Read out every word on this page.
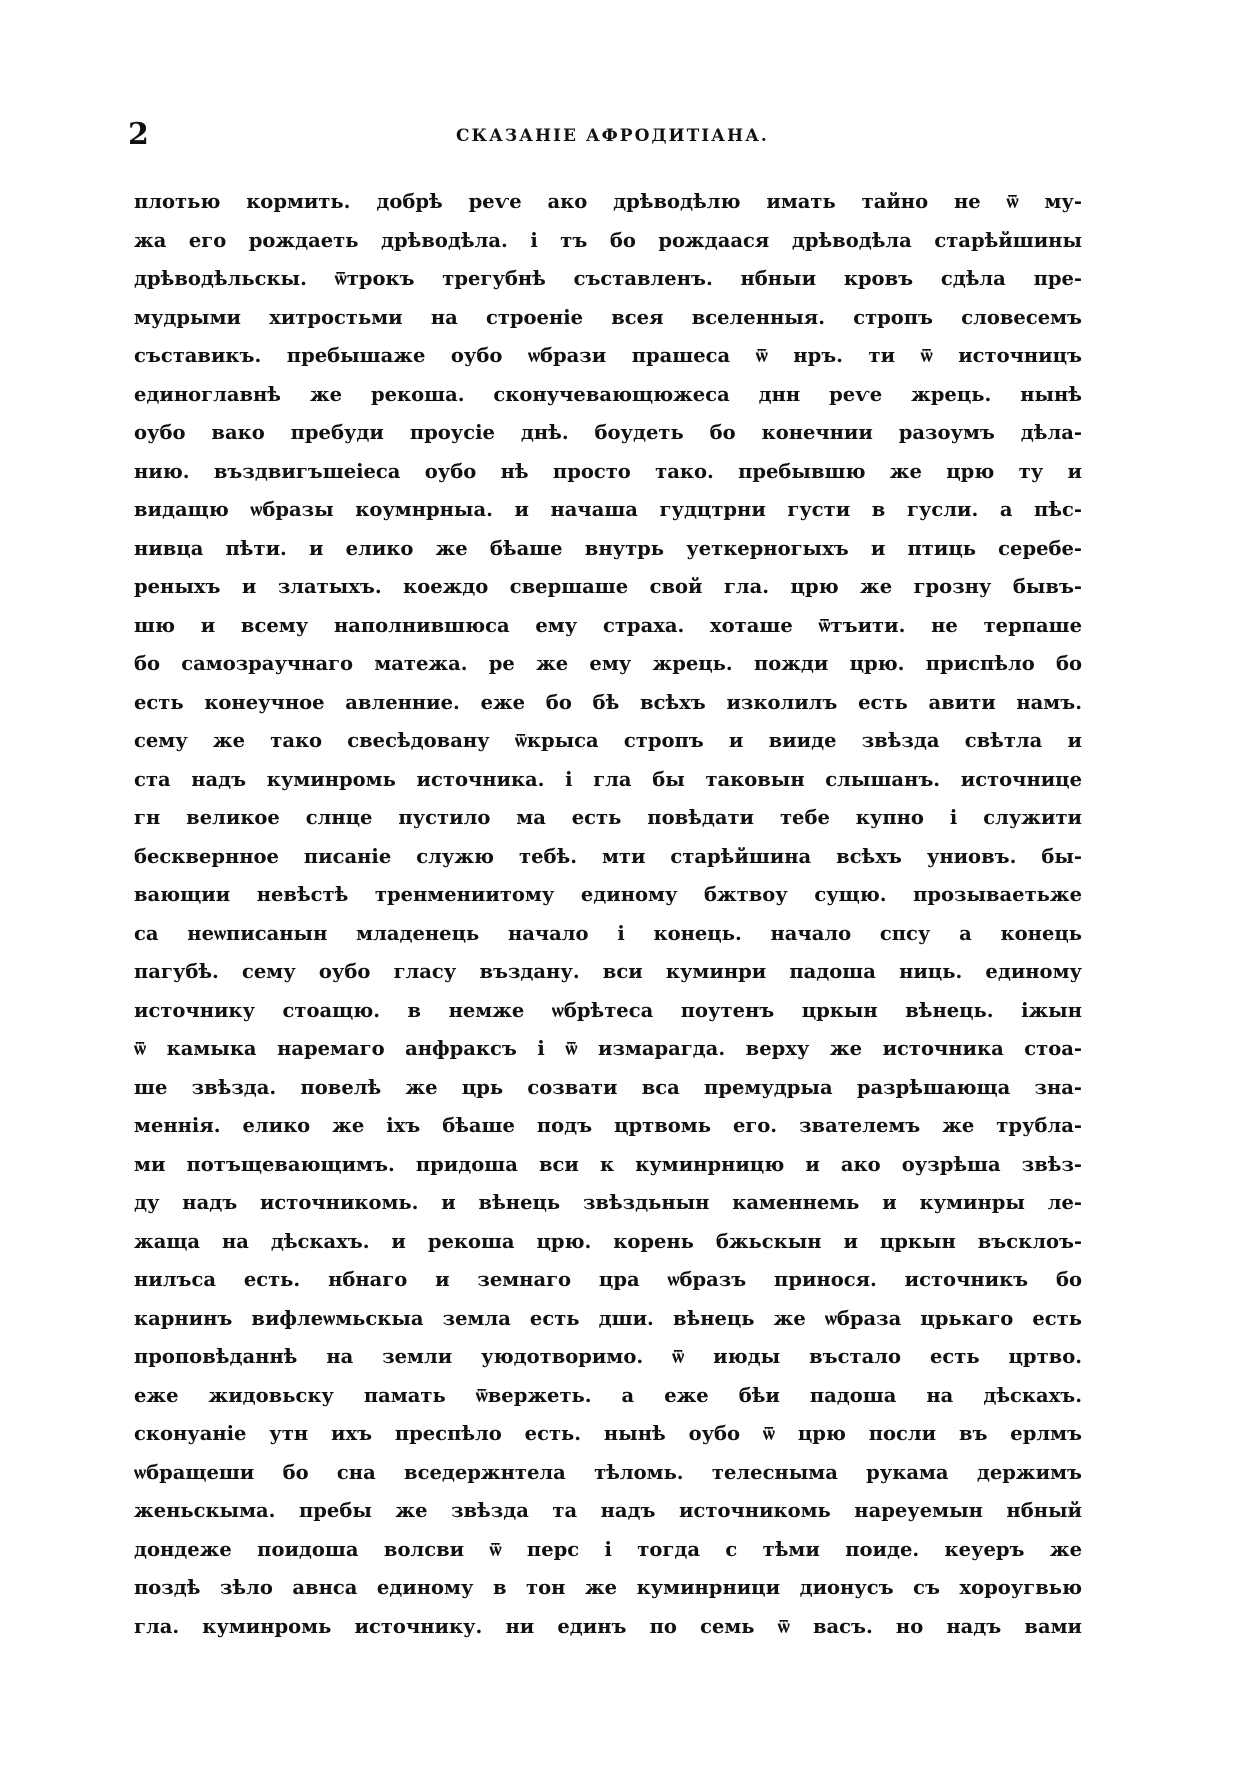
2	СКАЗАНІЕ АФРОДИТІАНА.
плотью кормить. добрѣ реѵе ако дрѣводѣлю имать тайно не ѿ му-
жа его рождаеть дрѣводѣла. і тъ бо рождаася дрѣводѣла старѣйшины
дрѣводѣльскы. ѿтрокъ трегубнѣ съставленъ. нбныи кровъ сдѣла пре-
мудрыми хитростьми на строеніе всея вселенныя. стропъ словесемъ
съставикъ. пребышаже оубо ѡбрази прашеса ѿ нръ. ти ѿ источницъ
единоглавнѣ же рекоша. сконучевающюжеса днн реѵе жрець. нынѣ
оубо вако пребуди проусіе днѣ. боудеть бо конечнии разоумъ дѣла-
нию. въздвигъшеіеса оубо нѣ просто тако. пребывшю же црю ту и
видащю ѡбразы коумнрныа. и начаша гудцтрни густи в гусли. а пѣс-
нивца пѣти. и елико же бѣаше внутрь уеткерногыхъ и птиць серебе-
реныхъ и златыхъ. коеждо свершаше свой гла. црю же грозну бывъ-
шю и всему наполнившюса ему страха. хоташе ѿтъити. не терпаше
бо самозраучнаго матежа. ре же ему жрець. пожди црю. приспѣло бо
есть конеучное авленние. еже бо бѣ всѣхъ изколилъ есть авити намъ.
сему же тако свесѣдовану ѿкрыса стропъ и вииде звѣзда свѣтла и
ста надъ куминромь источника. і гла бы таковын слышанъ. источнице
гн великое слнце пустило ма есть повѣдати тебе купно і служити
бесквернное писаніе служю тебѣ. мти старѣйшина всѣхъ униовъ. бы-
вающии невѣстѣ тренмениитому единому бжтвоу сущю. прозываетьже
са неѡписанын младенець начало і конець. начало спсу а конець
пагубѣ. сему оубо гласу въздану. вси куминри падоша ниць. единому
источнику стоащю. в немже ѡбрѣтеса поутенъ цркын вѣнець. іжын
ѿ камыка наремаго анфраксъ і ѿ измарагда. верху же источника стоа-
ше звѣзда. повелѣ же црь созвати вса премудрыа разрѣшающа зна-
меннія. елико же іхъ бѣаше подъ цртвомь его. звателемъ же трубла-
ми потъщевающимъ. придоша вси к куминрницю и ако оузрѣша звѣз-
ду надъ источникомь. и вѣнець звѣздьнын каменнемь и куминры ле-
жаща на дѣскахъ. и рекоша црю. корень бжьскын и цркын въсклоъ-
нилъса есть. нбнаго и земнаго цра ѡбразъ принося. источникъ бо
карнинъ вифлеѡмьскыа земла есть дши. вѣнець же ѡбраза црькаго есть
проповѣданнѣ на земли уюдотворимо. ѿ июды въстало есть цртво.
еже жидовьску памать ѿвержеть. а еже бѣи падоша на дѣскахъ.
сконуаніе утн ихъ преспѣло есть. нынѣ оубо ѿ црю посли въ ерлмъ
ѡбращеши бо сна вседержнтела тѣломь. телесныма рукама держимъ
женьскыма. пребы же звѣзда та надъ источникомь нареуемын нбный
дондеже поидоша волсви ѿ перс і тогда с тѣми поиде. кеуеръ же
поздѣ зѣло авнса единому в тон же куминрници дионусъ съ хороугвью
гла. куминромь источнику. ни единъ по семь ѿ васъ. но надъ вами
